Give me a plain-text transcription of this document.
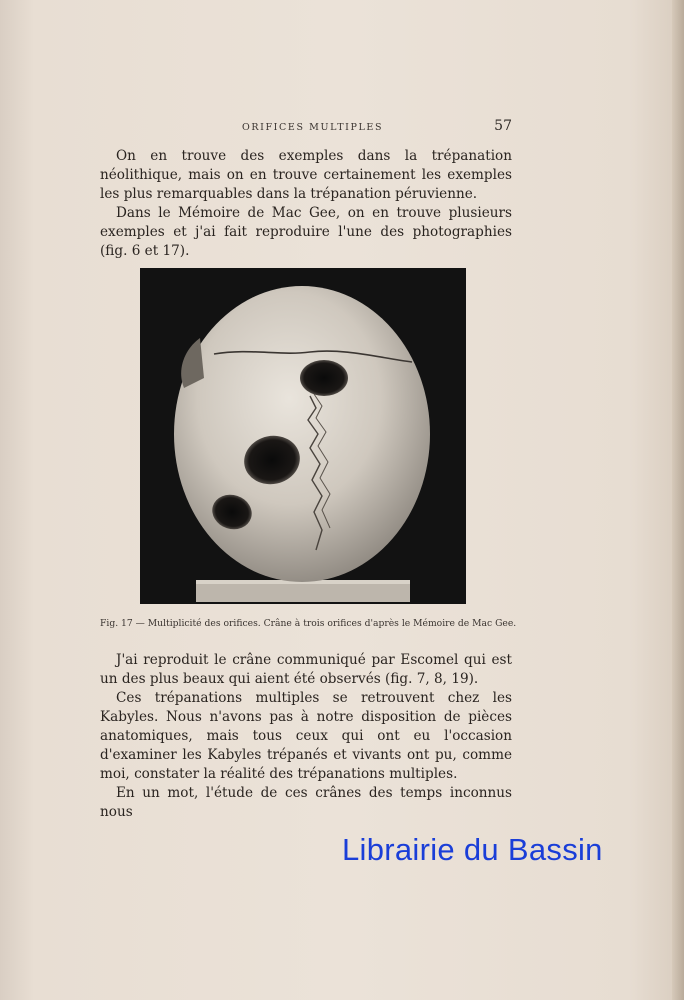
ORIFICES MULTIPLES	57

On en trouve des exemples dans la trépanation néolithique, mais on en trouve certainement les exemples les plus remarquables dans la trépanation péruvienne.

Dans le Mémoire de Mac Gee, on en trouve plusieurs exemples et j'ai fait reproduire l'une des photographies (fig. 6 et 17).

Fig. 17 — Multiplicité des orifices. Crâne à trois orifices d'après le Mémoire de Mac Gee.

J'ai reproduit le crâne communiqué par Escomel qui est un des plus beaux qui aient été observés (fig. 7, 8, 19).

Ces trépanations multiples se retrouvent chez les Kabyles. Nous n'avons pas à notre disposition de pièces anatomiques, mais tous ceux qui ont eu l'occasion d'examiner les Kabyles trépanés et vivants ont pu, comme moi, constater la réalité des trépanations multiples.

En un mot, l'étude de ces crânes des temps inconnus nous

Librairie du Bassin
